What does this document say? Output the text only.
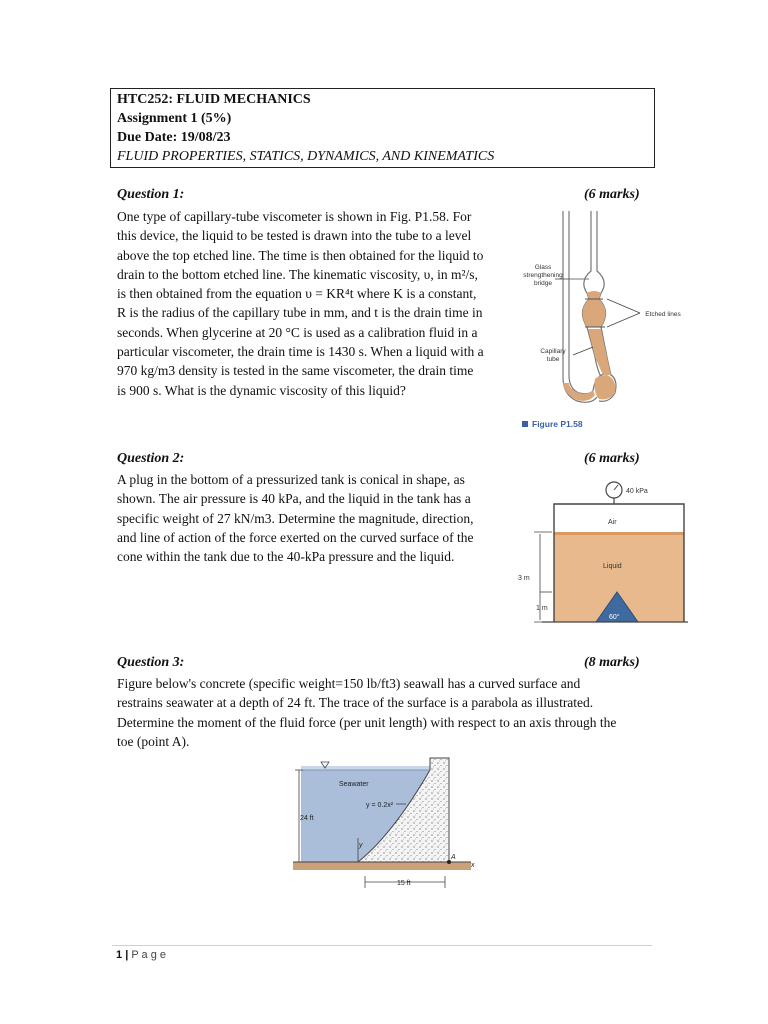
HTC252: FLUID MECHANICS
Assignment 1 (5%)
Due Date: 19/08/23
FLUID PROPERTIES, STATICS, DYNAMICS, AND KINEMATICS
Question 1:	(6 marks)
One type of capillary-tube viscometer is shown in Fig. P1.58. For
this device, the liquid to be tested is drawn into the tube to a level
above the top etched line. The time is then obtained for the liquid to
drain to the bottom etched line. The kinematic viscosity, υ, in m²/s,
is then obtained from the equation υ = KR⁴t where K is a constant,
R is the radius of the capillary tube in mm, and t is the drain time in
seconds. When glycerine at 20 °C is used as a calibration fluid in a
particular viscometer, the drain time is 1430 s. When a liquid with a
970 kg/m3 density is tested in the same viscometer, the drain time
is 900 s. What is the dynamic viscosity of this liquid?
Glass
strengthening
bridge
Etched lines
Capillary
tube
Figure P1.58
Question 2:	(6 marks)
A plug in the bottom of a pressurized tank is conical in shape, as
shown. The air pressure is 40 kPa, and the liquid in the tank has a
specific weight of 27 kN/m3. Determine the magnitude, direction,
and line of action of the force exerted on the curved surface of the
cone within the tank due to the 40-kPa pressure and the liquid.
40 kPa
Air
Liquid
3 m
1 m
60°
Question 3:	(8 marks)
Figure below's concrete (specific weight=150 lb/ft3) seawall has a curved surface and
restrains seawater at a depth of 24 ft. The trace of the surface is a parabola as illustrated.
Determine the moment of the fluid force (per unit length) with respect to an axis through the
toe (point A).
Seawater
y = 0.2x²
24 ft
y
x
A
15 ft
1 | P a g e
